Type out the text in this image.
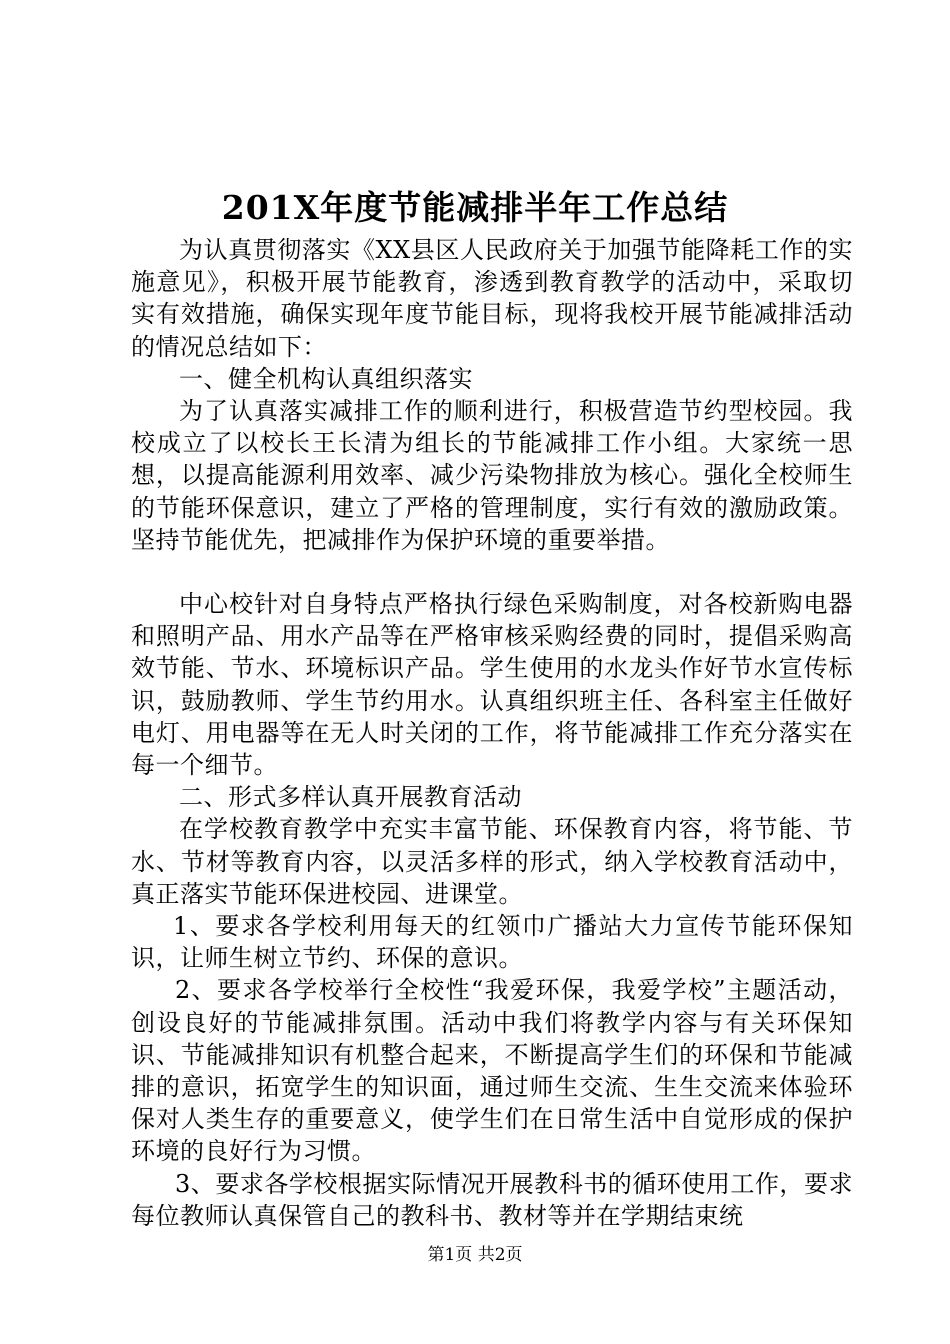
201X年度节能减排半年工作总结

为认真贯彻落实《XX县区人民政府关于加强节能降耗工作的实施意见》，积极开展节能教育，渗透到教育教学的活动中，采取切实有效措施，确保实现年度节能目标，现将我校开展节能减排活动的情况总结如下：

一、健全机构认真组织落实

为了认真落实减排工作的顺利进行，积极营造节约型校园。我校成立了以校长王长清为组长的节能减排工作小组。大家统一思想，以提高能源利用效率、减少污染物排放为核心。强化全校师生的节能环保意识，建立了严格的管理制度，实行有效的激励政策。坚持节能优先，把减排作为保护环境的重要举措。

中心校针对自身特点严格执行绿色采购制度，对各校新购电器和照明产品、用水产品等在严格审核采购经费的同时，提倡采购高效节能、节水、环境标识产品。学生使用的水龙头作好节水宣传标识，鼓励教师、学生节约用水。认真组织班主任、各科室主任做好电灯、用电器等在无人时关闭的工作，将节能减排工作充分落实在每一个细节。

二、形式多样认真开展教育活动

在学校教育教学中充实丰富节能、环保教育内容，将节能、节水、节材等教育内容，以灵活多样的形式，纳入学校教育活动中，真正落实节能环保进校园、进课堂。

1、要求各学校利用每天的红领巾广播站大力宣传节能环保知识，让师生树立节约、环保的意识。

2、要求各学校举行全校性“我爱环保，我爱学校”主题活动，创设良好的节能减排氛围。活动中我们将教学内容与有关环保知识、节能减排知识有机整合起来，不断提高学生们的环保和节能减排的意识，拓宽学生的知识面，通过师生交流、生生交流来体验环保对人类生存的重要意义，使学生们在日常生活中自觉形成的保护环境的良好行为习惯。

3、要求各学校根据实际情况开展教科书的循环使用工作，要求每位教师认真保管自己的教科书、教材等并在学期结束统

第1页 共2页
